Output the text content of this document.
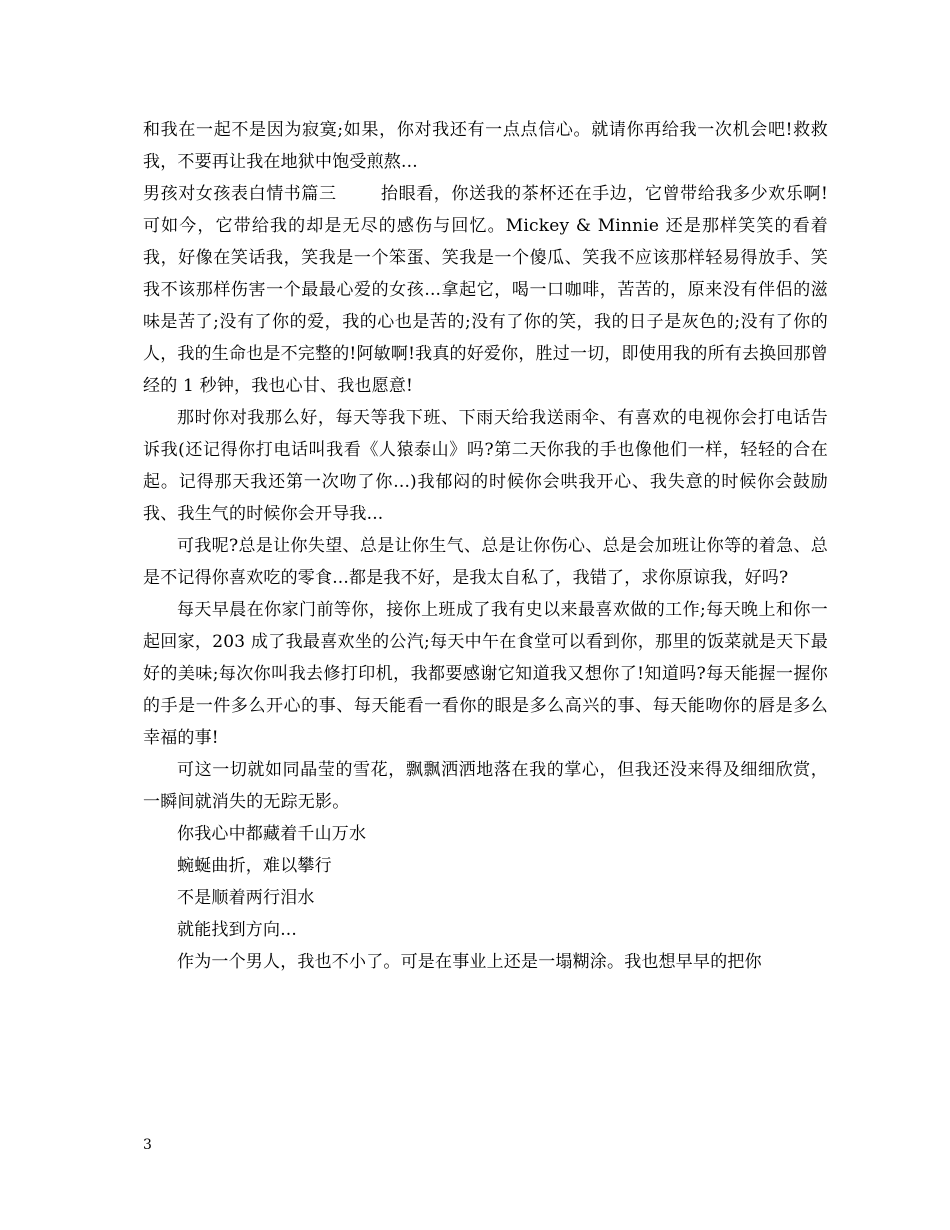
和我在一起不是因为寂寞;如果，你对我还有一点点信心。就请你再给我一次机会吧!救救我，不要再让我在地狱中饱受煎熬...

男孩对女孩表白情书篇三	抬眼看，你送我的茶杯还在手边，它曾带给我多少欢乐啊!可如今，它带给我的却是无尽的感伤与回忆。Mickey & Minnie 还是那样笑笑的看着我，好像在笑话我，笑我是一个笨蛋、笑我是一个傻瓜、笑我不应该那样轻易得放手、笑我不该那样伤害一个最最心爱的女孩...拿起它，喝一口咖啡，苦苦的，原来没有伴侣的滋味是苦了;没有了你的爱，我的心也是苦的;没有了你的笑，我的日子是灰色的;没有了你的人，我的生命也是不完整的!阿敏啊!我真的好爱你，胜过一切，即使用我的所有去换回那曾经的 1 秒钟，我也心甘、我也愿意!

那时你对我那么好，每天等我下班、下雨天给我送雨伞、有喜欢的电视你会打电话告诉我(还记得你打电话叫我看《人猿泰山》吗?第二天你我的手也像他们一样，轻轻的合在起。记得那天我还第一次吻了你...)我郁闷的时候你会哄我开心、我失意的时候你会鼓励我、我生气的时候你会开导我...

可我呢?总是让你失望、总是让你生气、总是让你伤心、总是会加班让你等的着急、总是不记得你喜欢吃的零食...都是我不好，是我太自私了，我错了，求你原谅我，好吗?

每天早晨在你家门前等你，接你上班成了我有史以来最喜欢做的工作;每天晚上和你一起回家，203 成了我最喜欢坐的公汽;每天中午在食堂可以看到你，那里的饭菜就是天下最好的美味;每次你叫我去修打印机，我都要感谢它知道我又想你了!知道吗?每天能握一握你的手是一件多么开心的事、每天能看一看你的眼是多么高兴的事、每天能吻你的唇是多么幸福的事!

可这一切就如同晶莹的雪花，飘飘洒洒地落在我的掌心，但我还没来得及细细欣赏，一瞬间就消失的无踪无影。

你我心中都藏着千山万水

蜿蜒曲折，难以攀行

不是顺着两行泪水

就能找到方向...

作为一个男人，我也不小了。可是在事业上还是一塌糊涂。我也想早早的把你

3
